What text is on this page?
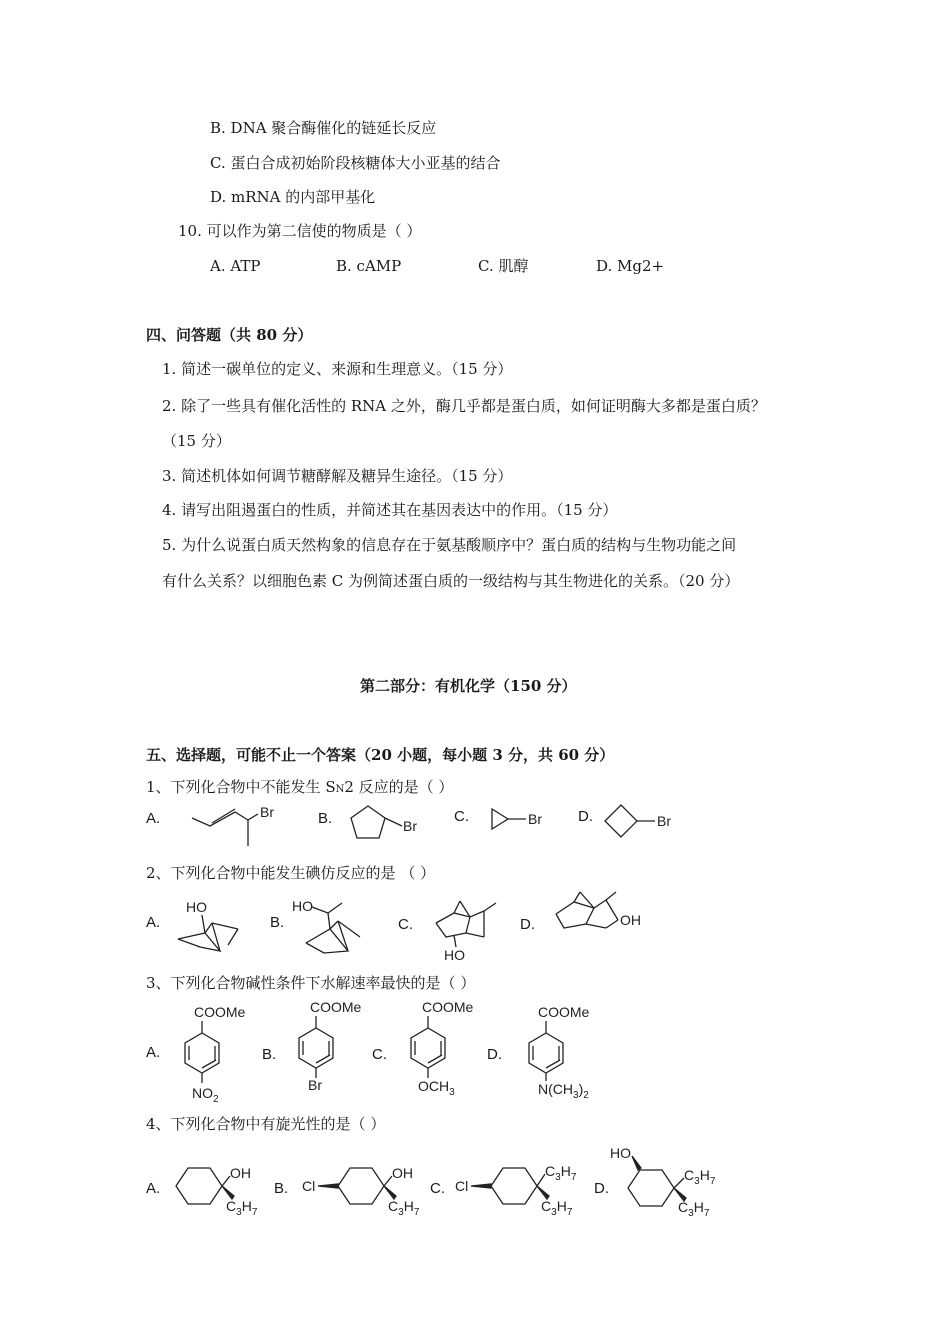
B. DNA 聚合酶催化的链延长反应
C. 蛋白合成初始阶段核糖体大小亚基的结合
D. mRNA 的内部甲基化
10. 可以作为第二信使的物质是（ ）
A. ATP	B. cAMP	C. 肌醇	D. Mg2+
四、问答题（共 80 分）
1. 简述一碳单位的定义、来源和生理意义。（15 分）
2. 除了一些具有催化活性的 RNA 之外，酶几乎都是蛋白质，如何证明酶大多都是蛋白质？
（15 分）
3. 简述机体如何调节糖酵解及糖异生途径。（15 分）
4. 请写出阻遏蛋白的性质，并简述其在基因表达中的作用。（15 分）
5. 为什么说蛋白质天然构象的信息存在于氨基酸顺序中？蛋白质的结构与生物功能之间
有什么关系？以细胞色素 C 为例简述蛋白质的一级结构与其生物进化的关系。（20 分）
第二部分：有机化学（150 分）
五、选择题，可能不止一个答案（20 小题，每小题 3 分，共 60 分）
1、下列化合物中不能发生 SN2 反应的是（ ）
A.	Br	B.	Br
C.	Br D.	Br
2、下列化合物中能发生碘仿反应的是 （ ）
A.
HO
B.
HO
C.
HO
D.	OH
3、下列化合物碱性条件下水解速率最快的是（ ）
A.
COOMe
$NO_2$
B.
COOMe
Br
C.
COOMe
$OCH_3$
D.
COOMe
$N(CH_3)_2$
4、下列化合物中有旋光性的是（ ）
A.
OH
$C_3H_7$
B. Cl
OH
$C_3H_7$
C. Cl
$C_3H_7$
$C_3H_7$
D.
HO
$C_3H_7$
$C_3H_7$
